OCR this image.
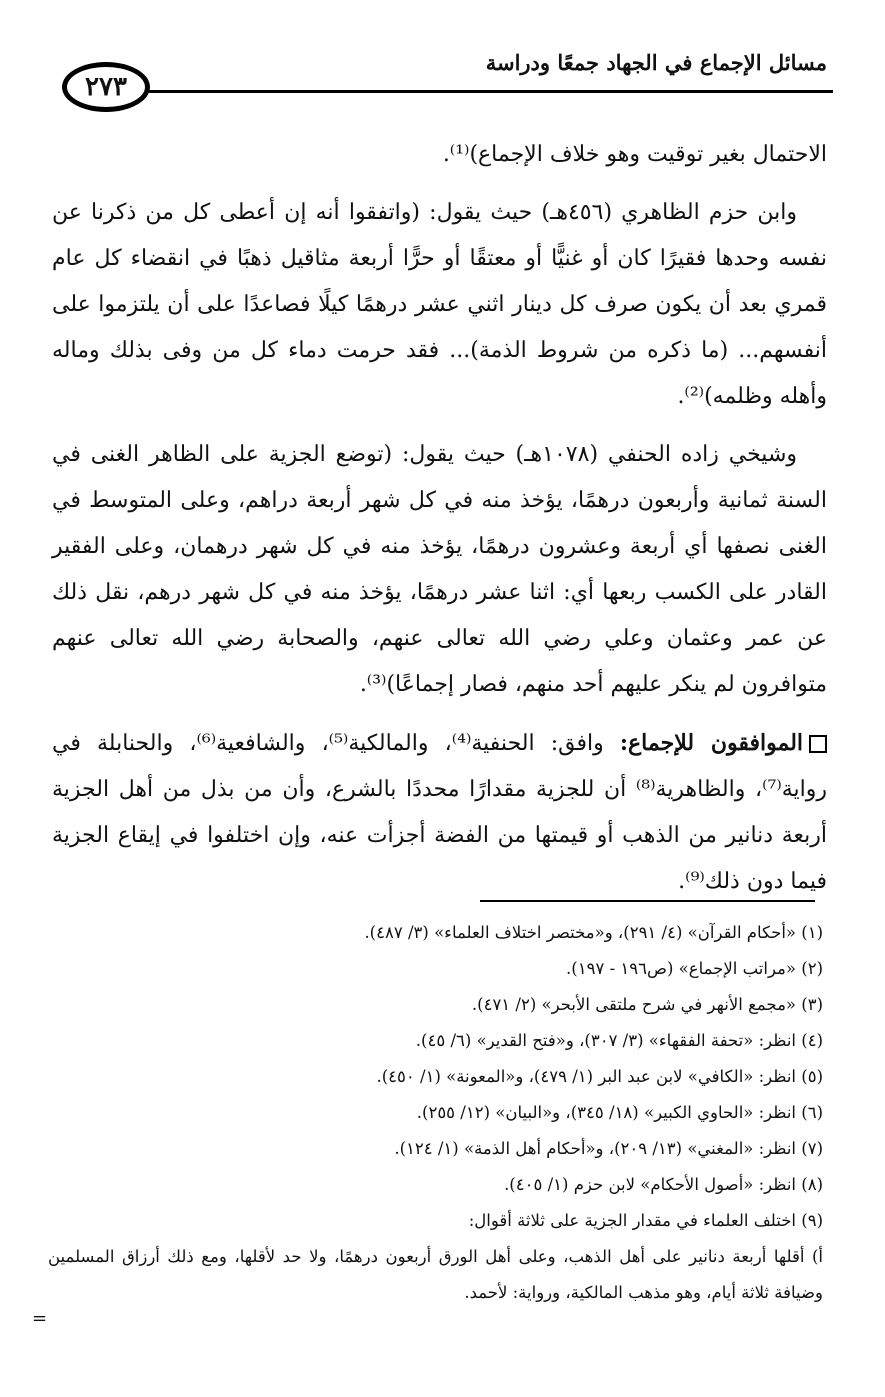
٢٧٣
مسائل الإجماع في الجهاد جمعًا ودراسة

الاحتمال بغير توقيت وهو خلاف الإجماع)⁽¹⁾.

وابن حزم الظاهري (٤٥٦هـ) حيث يقول: (واتفقوا أنه إن أعطى كل من ذكرنا عن نفسه وحدها فقيرًا كان أو غنيًّا أو معتقًا أو حرًّا أربعة مثاقيل ذهبًا في انقضاء كل عام قمري بعد أن يكون صرف كل دينار اثني عشر درهمًا كيلًا فصاعدًا على أن يلتزموا على أنفسهم... (ما ذكره من شروط الذمة)... فقد حرمت دماء كل من وفى بذلك وماله وأهله وظلمه)⁽²⁾.

وشيخي زاده الحنفي (١٠٧٨هـ) حيث يقول: (توضع الجزية على الظاهر الغنى في السنة ثمانية وأربعون درهمًا، يؤخذ منه في كل شهر أربعة دراهم، وعلى المتوسط في الغنى نصفها أي أربعة وعشرون درهمًا، يؤخذ منه في كل شهر درهمان، وعلى الفقير القادر على الكسب ربعها أي: اثنا عشر درهمًا، يؤخذ منه في كل شهر درهم، نقل ذلك عن عمر وعثمان وعلي رضي الله تعالى عنهم، والصحابة رضي الله تعالى عنهم متوافرون لم ينكر عليهم أحد منهم، فصار إجماعًا)⁽³⁾.

الموافقون للإجماع: وافق: الحنفية⁽⁴⁾، والمالكية⁽⁵⁾، والشافعية⁽⁶⁾، والحنابلة في رواية⁽⁷⁾، والظاهرية⁽⁸⁾ أن للجزية مقدارًا محددًا بالشرع، وأن من بذل من أهل الجزية أربعة دنانير من الذهب أو قيمتها من الفضة أجزأت عنه، وإن اختلفوا في إيقاع الجزية فيما دون ذلك⁽⁹⁾.

(١) «أحكام القرآن» (٤/ ٢٩١)، و«مختصر اختلاف العلماء» (٣/ ٤٨٧).

(٢) «مراتب الإجماع» (ص١٩٦ - ١٩٧).

(٣) «مجمع الأنهر في شرح ملتقى الأبحر» (٢/ ٤٧١).

(٤) انظر: «تحفة الفقهاء» (٣/ ٣٠٧)، و«فتح القدير» (٦/ ٤٥).

(٥) انظر: «الكافي» لابن عبد البر (١/ ٤٧٩)، و«المعونة» (١/ ٤٥٠).

(٦) انظر: «الحاوي الكبير» (١٨/ ٣٤٥)، و«البيان» (١٢/ ٢٥٥).

(٧) انظر: «المغني» (١٣/ ٢٠٩)، و«أحكام أهل الذمة» (١/ ١٢٤).

(٨) انظر: «أصول الأحكام» لابن حزم (١/ ٤٠٥).

(٩) اختلف العلماء في مقدار الجزية على ثلاثة أقوال:

أ) أقلها أربعة دنانير على أهل الذهب، وعلى أهل الورق أربعون درهمًا، ولا حد لأقلها، ومع ذلك أرزاق المسلمين وضيافة ثلاثة أيام، وهو مذهب المالكية، ورواية: لأحمد.

=
